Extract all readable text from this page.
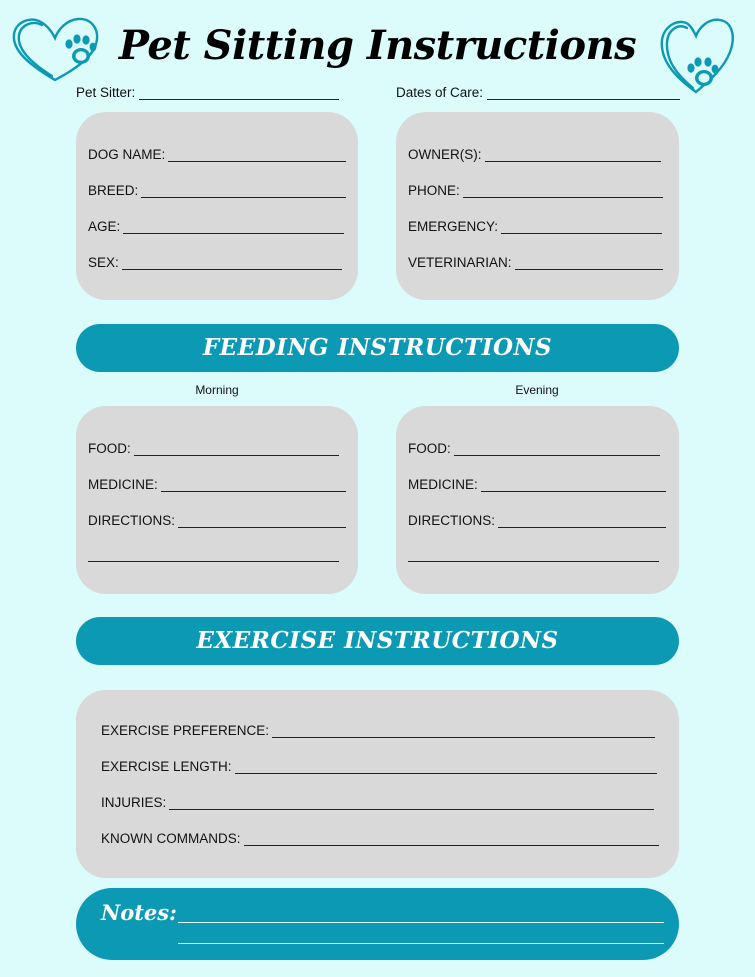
Pet Sitting Instructions
Pet Sitter:	Dates of Care:
DOG NAME:
BREED:
AGE:
SEX:
OWNER(S):
PHONE:
EMERGENCY:
VETERINARIAN:
FEEDING INSTRUCTIONS
Morning	Evening
FOOD:
MEDICINE:
DIRECTIONS:
FOOD:
MEDICINE:
DIRECTIONS:
EXERCISE INSTRUCTIONS
EXERCISE PREFERENCE:
EXERCISE LENGTH:
INJURIES:
KNOWN COMMANDS:
Notes:
